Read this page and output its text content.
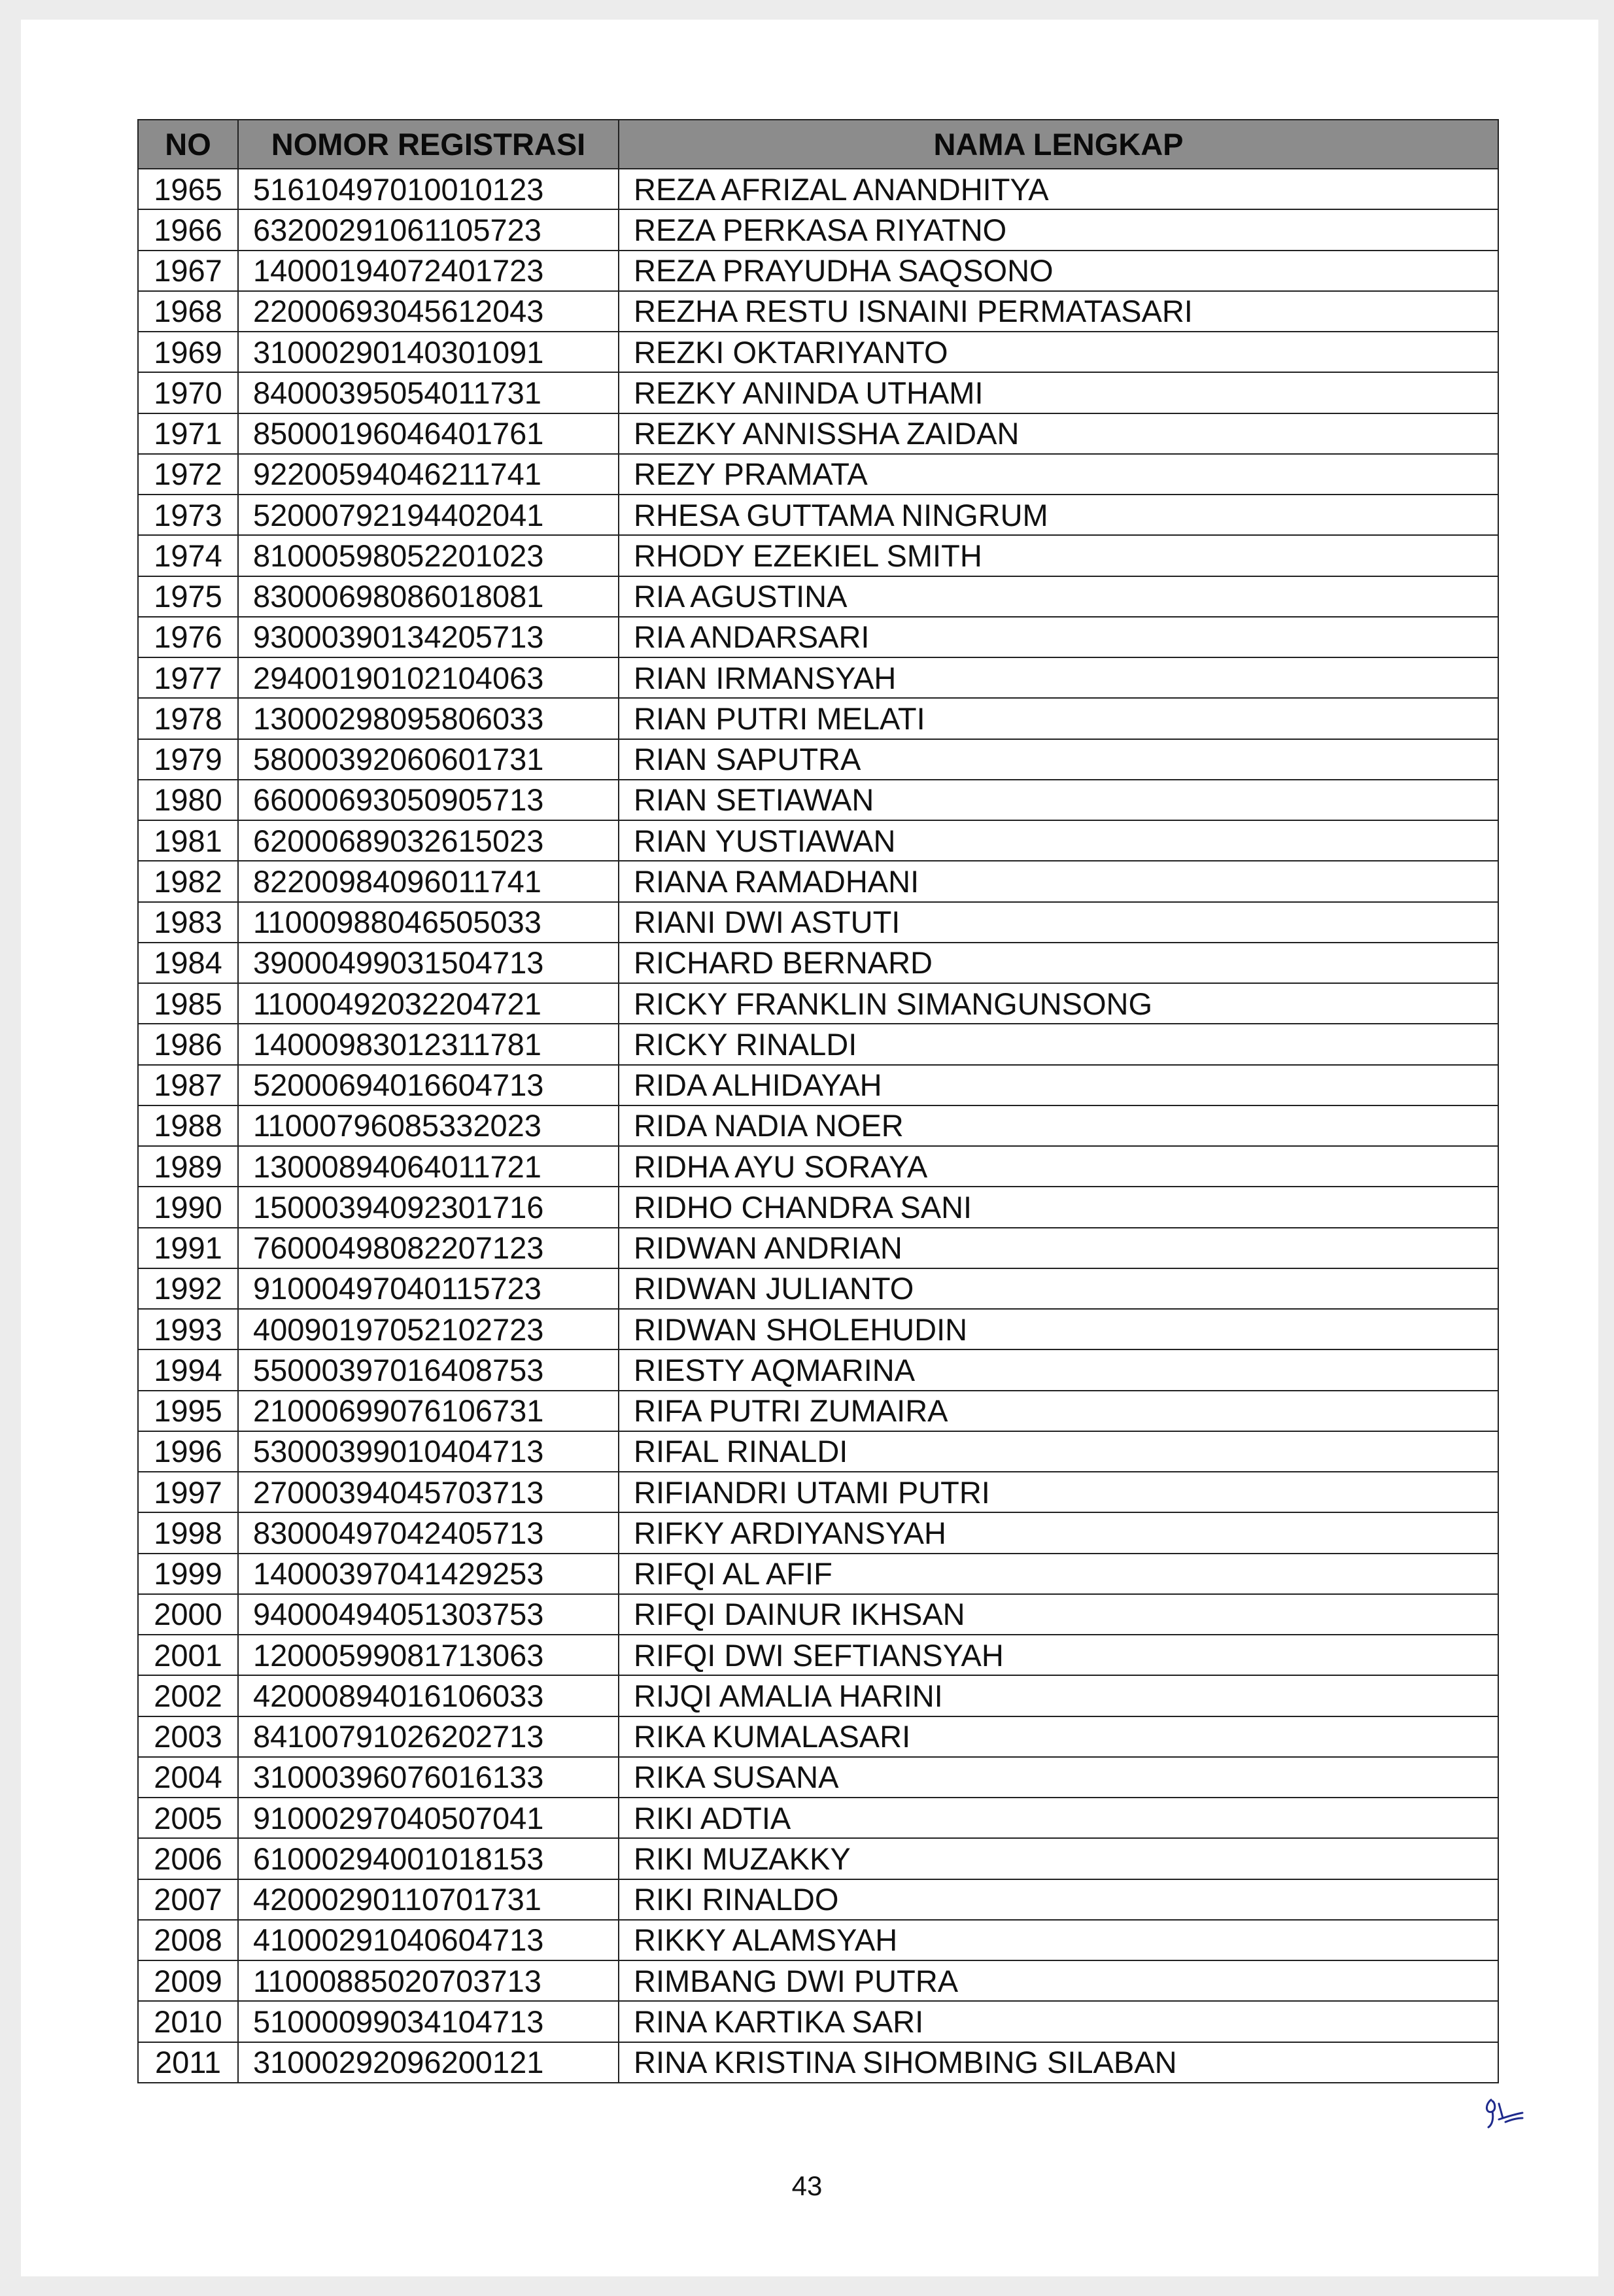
NO	NOMOR REGISTRASI	NAMA LENGKAP
1965	51610497010010123	REZA AFRIZAL ANANDHITYA
1966	63200291061105723	REZA PERKASA RIYATNO
1967	14000194072401723	REZA PRAYUDHA SAQSONO
1968	22000693045612043	REZHA RESTU ISNAINI PERMATASARI
1969	31000290140301091	REZKI OKTARIYANTO
1970	84000395054011731	REZKY ANINDA UTHAMI
1971	85000196046401761	REZKY ANNISSHA ZAIDAN
1972	92200594046211741	REZY PRAMATA
1973	52000792194402041	RHESA GUTTAMA NINGRUM
1974	81000598052201023	RHODY EZEKIEL SMITH
1975	83000698086018081	RIA AGUSTINA
1976	93000390134205713	RIA ANDARSARI
1977	29400190102104063	RIAN IRMANSYAH
1978	13000298095806033	RIAN PUTRI MELATI
1979	58000392060601731	RIAN SAPUTRA
1980	66000693050905713	RIAN SETIAWAN
1981	62000689032615023	RIAN YUSTIAWAN
1982	82200984096011741	RIANA RAMADHANI
1983	11000988046505033	RIANI DWI ASTUTI
1984	39000499031504713	RICHARD BERNARD
1985	11000492032204721	RICKY FRANKLIN SIMANGUNSONG
1986	14000983012311781	RICKY RINALDI
1987	52000694016604713	RIDA ALHIDAYAH
1988	11000796085332023	RIDA NADIA NOER
1989	13000894064011721	RIDHA AYU SORAYA
1990	15000394092301716	RIDHO CHANDRA SANI
1991	76000498082207123	RIDWAN ANDRIAN
1992	91000497040115723	RIDWAN JULIANTO
1993	40090197052102723	RIDWAN SHOLEHUDIN
1994	55000397016408753	RIESTY AQMARINA
1995	21000699076106731	RIFA PUTRI ZUMAIRA
1996	53000399010404713	RIFAL RINALDI
1997	27000394045703713	RIFIANDRI UTAMI PUTRI
1998	83000497042405713	RIFKY ARDIYANSYAH
1999	14000397041429253	RIFQI AL AFIF
2000	94000494051303753	RIFQI DAINUR IKHSAN
2001	12000599081713063	RIFQI DWI SEFTIANSYAH
2002	42000894016106033	RIJQI AMALIA HARINI
2003	84100791026202713	RIKA KUMALASARI
2004	31000396076016133	RIKA SUSANA
2005	91000297040507041	RIKI ADTIA
2006	61000294001018153	RIKI MUZAKKY
2007	42000290110701731	RIKI RINALDO
2008	41000291040604713	RIKKY ALAMSYAH
2009	11000885020703713	RIMBANG DWI PUTRA
2010	51000099034104713	RINA KARTIKA SARI
2011	31000292096200121	RINA KRISTINA SIHOMBING SILABAN
43
